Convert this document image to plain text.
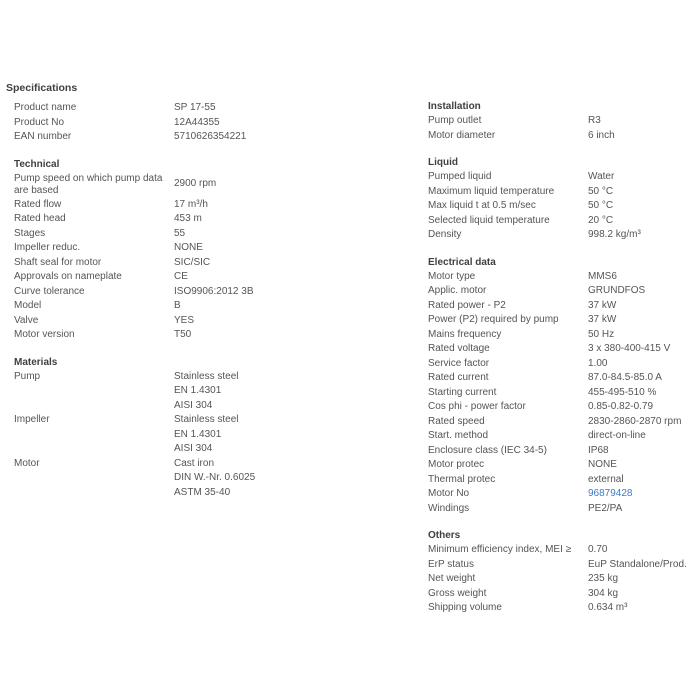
Specifications
Product name	SP 17-55
Product No	12A44355
EAN number	5710626354221
Technical
Pump speed on which pump data are based
2900 rpm
Rated flow	17 m³/h
Rated head	453 m
Stages	55
Impeller reduc.	NONE
Shaft seal for motor	SIC/SIC
Approvals on nameplate	CE
Curve tolerance	ISO9906:2012 3B
Model	B
Valve	YES
Motor version	T50
Materials
Pump	Stainless steel
EN 1.4301
AISI 304
Impeller	Stainless steel
EN 1.4301
AISI 304
Motor	Cast iron
DIN W.-Nr. 0.6025
ASTM 35-40
Installation
Pump outlet	R3
Motor diameter	6 inch
Liquid
Pumped liquid	Water
Maximum liquid temperature	50 °C
Max liquid t at 0.5 m/sec	50 °C
Selected liquid temperature	20 °C
Density	998.2 kg/m³
Electrical data
Motor type	MMS6
Applic. motor	GRUNDFOS
Rated power - P2	37 kW
Power (P2) required by pump	37 kW
Mains frequency	50 Hz
Rated voltage	3 x 380-400-415 V
Service factor	1.00
Rated current	87.0-84.5-85.0 A
Starting current	455-495-510 %
Cos phi - power factor	0.85-0.82-0.79
Rated speed	2830-2860-2870 rpm
Start. method	direct-on-line
Enclosure class (IEC 34-5)	IP68
Motor protec	NONE
Thermal protec	external
Motor No	96879428
Windings	PE2/PA
Others
Minimum efficiency index, MEI ≥	0.70
ErP status	EuP Standalone/Prod.
Net weight	235 kg
Gross weight	304 kg
Shipping volume	0.634 m³
